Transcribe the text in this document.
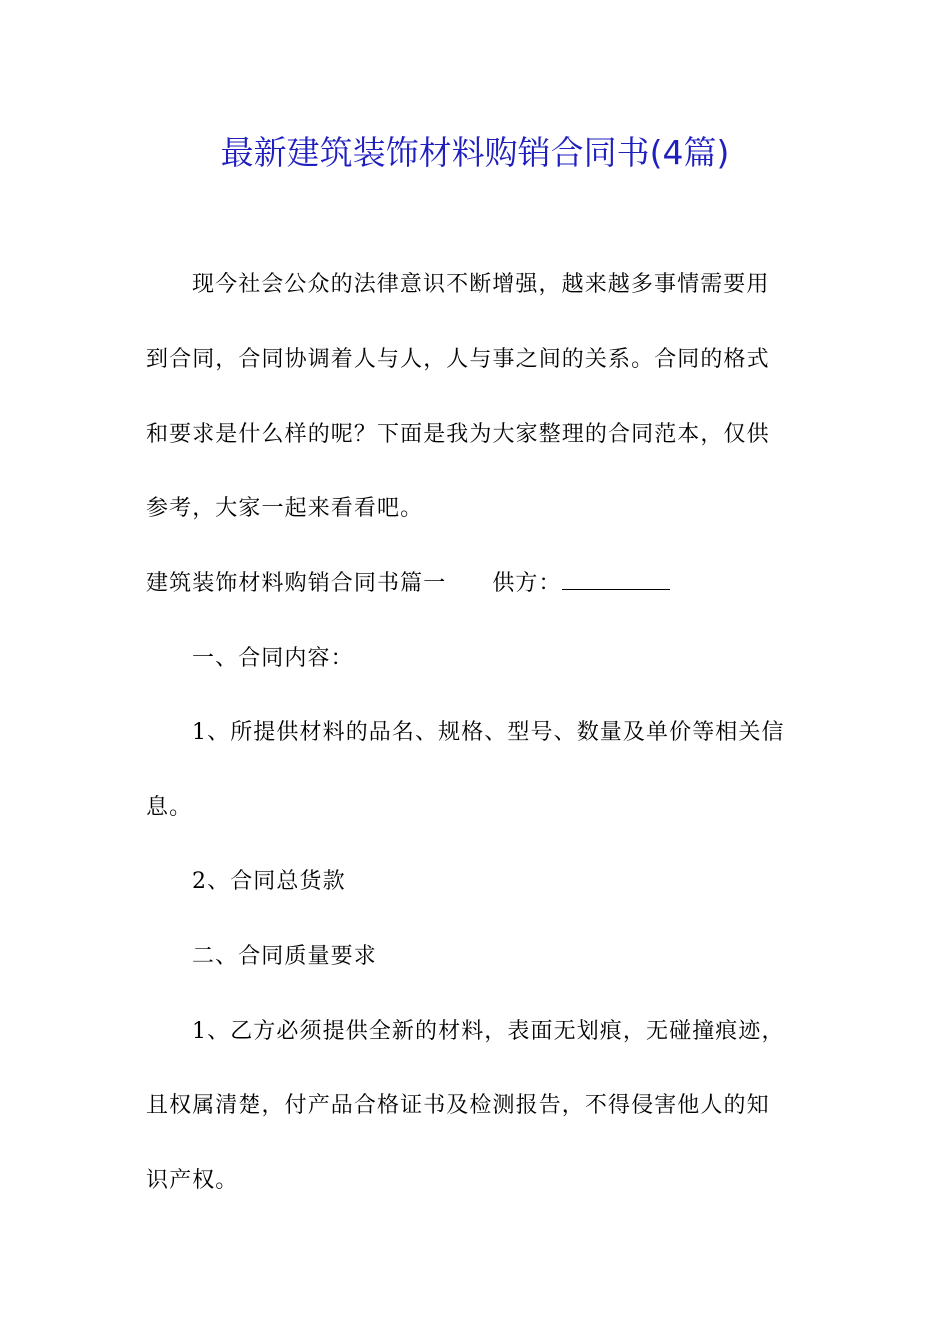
最新建筑装饰材料购销合同书(4篇)
现今社会公众的法律意识不断增强，越来越多事情需要用
到合同，合同协调着人与人，人与事之间的关系。合同的格式
和要求是什么样的呢？下面是我为大家整理的合同范本，仅供
参考，大家一起来看看吧。
建筑装饰材料购销合同书篇一 供方：
一、合同内容：
1、所提供材料的品名、规格、型号、数量及单价等相关信
息。
2、合同总货款
二、合同质量要求
1、乙方必须提供全新的材料，表面无划痕，无碰撞痕迹，
且权属清楚，付产品合格证书及检测报告，不得侵害他人的知
识产权。
